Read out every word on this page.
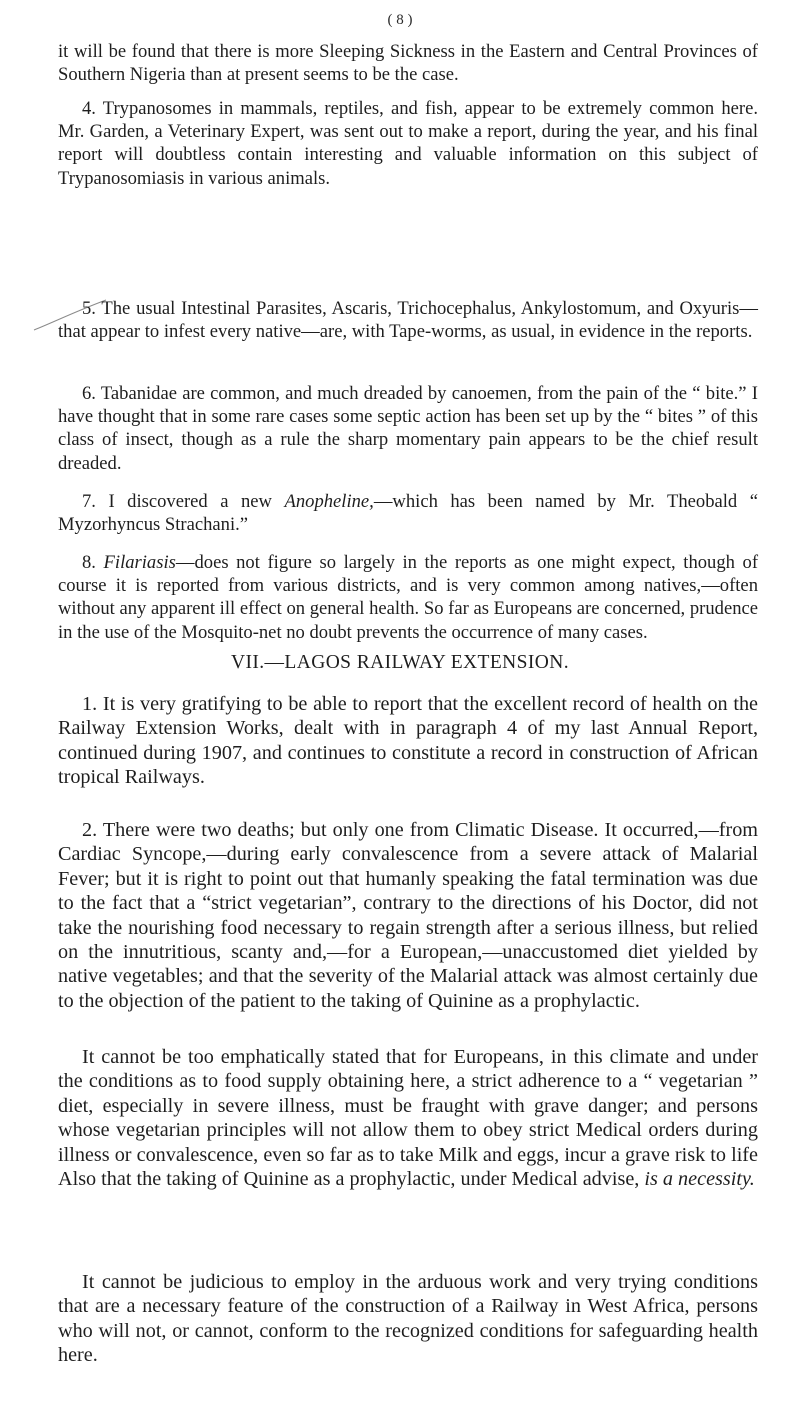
( 8 )

it will be found that there is more Sleeping Sickness in the Eastern and Central Provinces of Southern Nigeria than at present seems to be the case.

4. Trypanosomes in mammals, reptiles, and fish, appear to be extremely common here. Mr. Garden, a Veterinary Expert, was sent out to make a report, during the year, and his final report will doubtless contain interesting and valuable information on this subject of Trypanosomiasis in various animals.

5. The usual Intestinal Parasites, Ascaris, Trichocephalus, Ankylostomum, and Oxyuris—that appear to infest every native—are, with Tape-worms, as usual, in evidence in the reports.

6. Tabanidae are common, and much dreaded by canoemen, from the pain of the “ bite.” I have thought that in some rare cases some septic action has been set up by the “ bites ” of this class of insect, though as a rule the sharp momentary pain appears to be the chief result dreaded.

7. I discovered a new Anopheline,—which has been named by Mr. Theobald “ Myzorhyncus Strachani.”

8. Filariasis—does not figure so largely in the reports as one might expect, though of course it is reported from various districts, and is very common among natives,—often without any apparent ill effect on general health. So far as Europeans are concerned, prudence in the use of the Mosquito-net no doubt prevents the occurrence of many cases.

VII.—LAGOS RAILWAY EXTENSION.

1. It is very gratifying to be able to report that the excellent record of health on the Railway Extension Works, dealt with in paragraph 4 of my last Annual Report, continued during 1907, and continues to constitute a record in construction of African tropical Railways.

2. There were two deaths; but only one from Climatic Disease. It occurred,—from Cardiac Syncope,—during early convalescence from a severe attack of Malarial Fever; but it is right to point out that humanly speaking the fatal termination was due to the fact that a “strict vegetarian”, contrary to the directions of his Doctor, did not take the nourishing food necessary to regain strength after a serious illness, but relied on the innutritious, scanty and,—for a European,—unaccustomed diet yielded by native vegetables; and that the severity of the Malarial attack was almost certainly due to the objection of the patient to the taking of Quinine as a prophylactic.

It cannot be too emphatically stated that for Europeans, in this climate and under the conditions as to food supply obtaining here, a strict adherence to a “ vegetarian ” diet, especially in severe illness, must be fraught with grave danger; and persons whose vegetarian principles will not allow them to obey strict Medical orders during illness or convalescence, even so far as to take Milk and eggs, incur a grave risk to life Also that the taking of Quinine as a prophylactic, under Medical advise, is a necessity.

It cannot be judicious to employ in the arduous work and very trying conditions that are a necessary feature of the construction of a Railway in West Africa, persons who will not, or cannot, conform to the recognized conditions for safeguarding health here.
